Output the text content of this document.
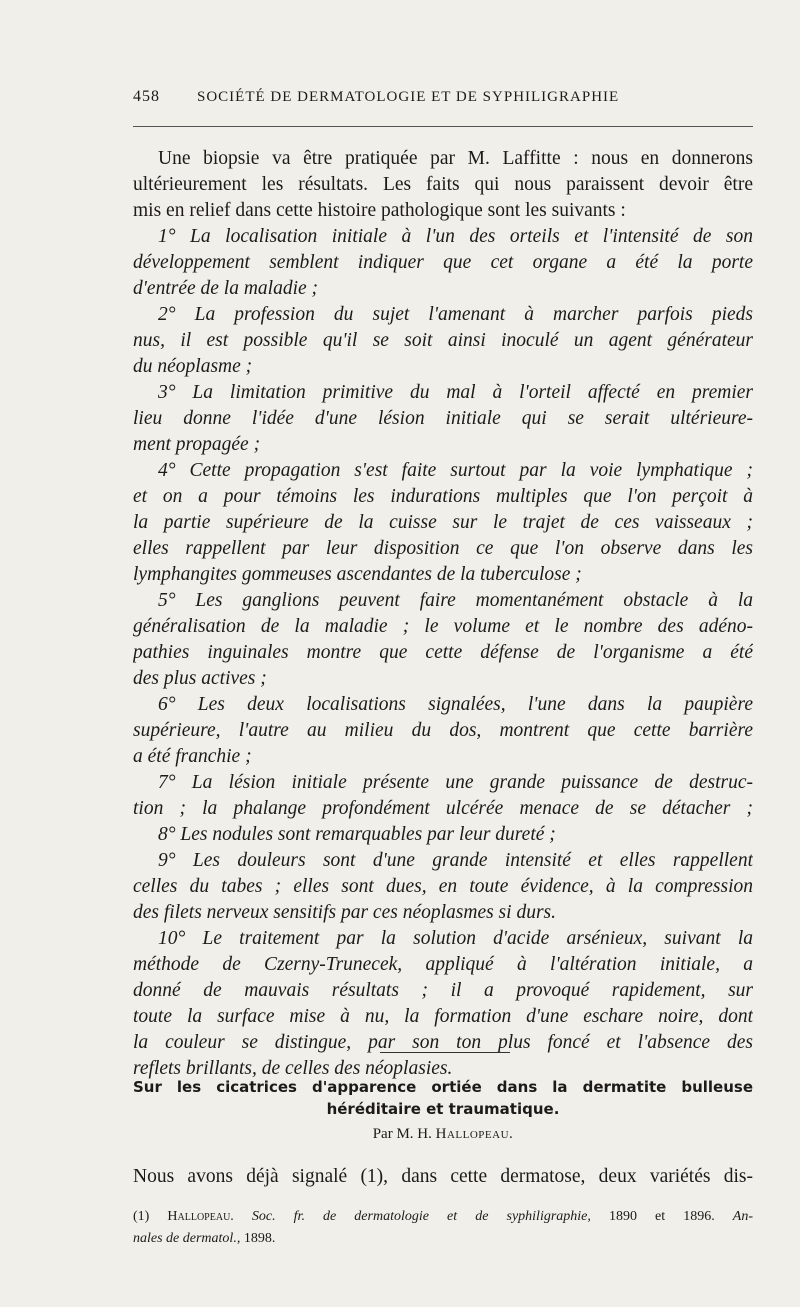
458 SOCIÉTÉ DE DERMATOLOGIE ET DE SYPHILIGRAPHIE
Une biopsie va être pratiquée par M. Laffitte : nous en donnerons
ultérieurement les résultats. Les faits qui nous paraissent devoir être
mis en relief dans cette histoire pathologique sont les suivants :
1° La localisation initiale à l'un des orteils et l'intensité de son
développement semblent indiquer que cet organe a été la porte
d'entrée de la maladie ;
2° La profession du sujet l'amenant à marcher parfois pieds
nus, il est possible qu'il se soit ainsi inoculé un agent générateur
du néoplasme ;
3° La limitation primitive du mal à l'orteil affecté en premier
lieu donne l'idée d'une lésion initiale qui se serait ultérieure-
ment propagée ;
4° Cette propagation s'est faite surtout par la voie lymphatique ;
et on a pour témoins les indurations multiples que l'on perçoit à
la partie supérieure de la cuisse sur le trajet de ces vaisseaux ;
elles rappellent par leur disposition ce que l'on observe dans les
lymphangites gommeuses ascendantes de la tuberculose ;
5° Les ganglions peuvent faire momentanément obstacle à la
généralisation de la maladie ; le volume et le nombre des adéno-
pathies inguinales montre que cette défense de l'organisme a été
des plus actives ;
6° Les deux localisations signalées, l'une dans la paupière
supérieure, l'autre au milieu du dos, montrent que cette barrière
a été franchie ;
7° La lésion initiale présente une grande puissance de destruc-
tion ; la phalange profondément ulcérée menace de se détacher ;
8° Les nodules sont remarquables par leur dureté ;
9° Les douleurs sont d'une grande intensité et elles rappellent
celles du tabes ; elles sont dues, en toute évidence, à la compression
des filets nerveux sensitifs par ces néoplasmes si durs.
10° Le traitement par la solution d'acide arsénieux, suivant la
méthode de Czerny-Trunecek, appliqué à l'altération initiale, a
donné de mauvais résultats ; il a provoqué rapidement, sur
toute la surface mise à nu, la formation d'une eschare noire, dont
la couleur se distingue, par son ton plus foncé et l'absence des
reflets brillants, de celles des néoplasies.
Sur les cicatrices d'apparence ortiée dans la dermatite bulleuse
héréditaire et traumatique.
Par M. H. Hallopeau.
Nous avons déjà signalé (1), dans cette dermatose, deux variétés dis-
(1) Hallopeau. Soc. fr. de dermatologie et de syphiligraphie, 1890 et 1896. An-
nales de dermatol., 1898.
